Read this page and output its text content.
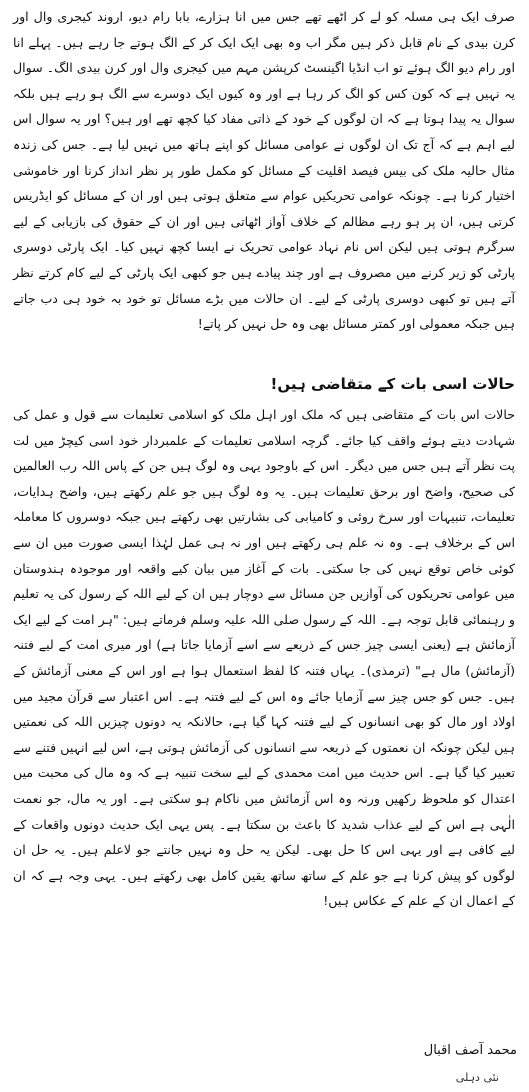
صرف ایک ہی مسلہ کو لے کر اٹھے تھے جس میں انا ہزارے، بابا رام دیو، اروند کیجری وال اور کرن بیدی کے نام قابل ذکر ہیں مگر اب وہ بھی ایک ایک کر کے الگ ہوتے جا رہے ہیں۔ پہلے انا اور رام دیو الگ ہوئے تو اب انڈیا اگینسٹ کرپشن مہم میں کیجری وال اور کرن بیدی الگ۔ سوال یہ نہیں ہے کہ کون کس کو الگ کر رہا ہے اور وہ کیوں ایک دوسرے سے الگ ہو رہے ہیں بلکہ سوال یہ پیدا ہوتا ہے کہ ان لوگوں کے خود کے ذاتی مفاد کیا کچھ تھے اور ہیں؟ اور یہ سوال اس لیے اہم ہے کہ آج تک ان لوگوں نے عوامی مسائل کو اپنے ہاتھ میں نہیں لیا ہے۔ جس کی زندہ مثال حالیہ ملک کی بیس فیصد اقلیت کے مسائل کو مکمل طور پر نظر انداز کرنا اور خاموشی اختیار کرنا ہے۔ چونکہ عوامی تحریکیں عوام سے متعلق ہوتی ہیں اور ان کے مسائل کو ایڈریس کرتی ہیں، ان پر ہو رہے مظالم کے خلاف آواز اٹھاتی ہیں اور ان کے حقوق کی بازیابی کے لیے سرگرم ہوتی ہیں لیکن اس نام نہاد عوامی تحریک نے ایسا کچھ نہیں کیا۔ ایک پارٹی دوسری پارٹی کو زیر کرنے میں مصروف ہے اور چند پیادے ہیں جو کبھی ایک پارٹی کے لیے کام کرتے نظر آتے ہیں تو کبھی دوسری پارٹی کے لیے۔ ان حالات میں بڑے مسائل تو خود بہ خود ہی دب جاتے ہیں جبکہ معمولی اور کمتر مسائل بھی وہ حل نہیں کر پاتے!

حالات اسی بات کے متقاضی ہیں!

حالات اس بات کے متقاضی ہیں کہ ملک اور اہل ملک کو اسلامی تعلیمات سے قول و عمل کی شہادت دیتے ہوئے واقف کیا جائے۔ گرچہ اسلامی تعلیمات کے علمبردار خود اسی کیچڑ میں لت پت نظر آتے ہیں جس میں دیگر۔ اس کے باوجود یہی وہ لوگ ہیں جن کے پاس اللہ رب العالمین کی صحیح، واضح اور برحق تعلیمات ہیں۔ یہ وہ لوگ ہیں جو علم رکھتے ہیں، واضح ہدایات، تعلیمات، تنبیہات اور سرخ روئی و کامیابی کی بشارتیں بھی رکھتے ہیں جبکہ دوسروں کا معاملہ اس کے برخلاف ہے۔ وہ نہ علم ہی رکھتے ہیں اور نہ ہی عمل لہٰذا ایسی صورت میں ان سے کوئی خاص توقع نہیں کی جا سکتی۔ بات کے آغاز میں بیان کیے واقعہ اور موجودہ ہندوستان میں عوامی تحریکوں کی آوازیں جن مسائل سے دوچار ہیں ان کے لیے اللہ کے رسول کی یہ تعلیم و رہنمائی قابل توجہ ہے۔ اللہ کے رسول صلی اللہ علیہ وسلم فرماتے ہیں: "ہر امت کے لیے ایک آزمائش ہے (یعنی ایسی چیز جس کے ذریعے سے اسے آزمایا جاتا ہے) اور میری امت کے لیے فتنہ (آزمائش) مال ہے" (ترمذی)۔ یہاں فتنہ کا لفظ استعمال ہوا ہے اور اس کے معنی آزمائش کے ہیں۔ جس کو جس چیز سے آزمایا جائے وہ اس کے لیے فتنہ ہے۔ اس اعتبار سے قرآن مجید میں اولاد اور مال کو بھی انسانوں کے لیے فتنہ کہا گیا ہے، حالانکہ یہ دونوں چیزیں اللہ کی نعمتیں ہیں لیکن چونکہ ان نعمتوں کے ذریعہ سے انسانوں کی آزمائش ہوتی ہے، اس لیے انہیں فتنے سے تعبیر کیا گیا ہے۔ اس حدیث میں امت محمدی کے لیے سخت تنبیہ ہے کہ وہ مال کی محبت میں اعتدال کو ملحوظ رکھیں ورنہ وہ اس آزمائش میں ناکام ہو سکتی ہے۔ اور یہ مال، جو نعمت الٰہی ہے اس کے لیے عذاب شدید کا باعث بن سکتا ہے۔ پس یہی ایک حدیث دونوں واقعات کے لیے کافی ہے اور یہی اس کا حل بھی۔ لیکن یہ حل وہ نہیں جانتے جو لاعلم ہیں۔ یہ حل ان لوگوں کو پیش کرنا ہے جو علم کے ساتھ ساتھ یقین کامل بھی رکھتے ہیں۔ یہی وجہ ہے کہ ان کے اعمال ان کے علم کے عکاس ہیں!

محمد آصف اقبال

نئی دہلی
